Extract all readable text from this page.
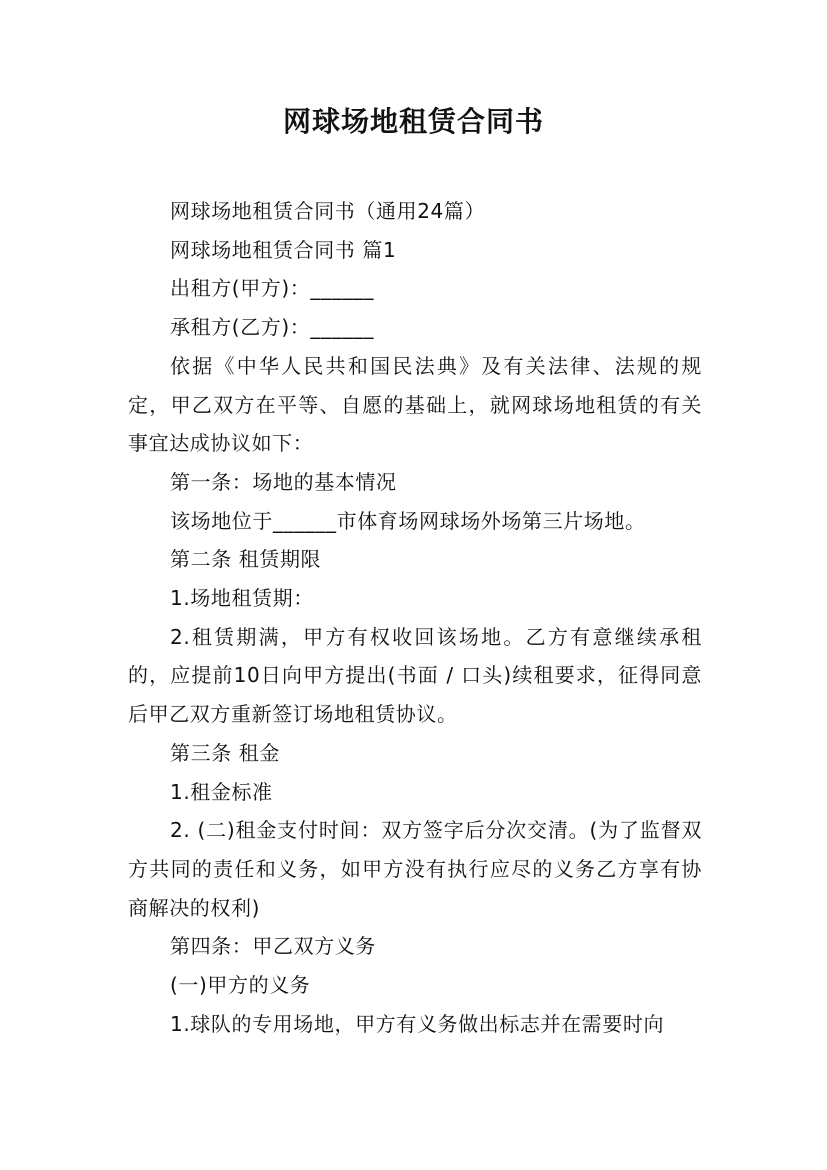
网球场地租赁合同书

网球场地租赁合同书（通用24篇）

网球场地租赁合同书 篇1

出租方(甲方)：______

承租方(乙方)：______

依据《中华人民共和国民法典》及有关法律、法规的规定，甲乙双方在平等、自愿的基础上，就网球场地租赁的有关事宜达成协议如下：

第一条：场地的基本情况

该场地位于______市体育场网球场外场第三片场地。

第二条 租赁期限

1.场地租赁期：

2.租赁期满，甲方有权收回该场地。乙方有意继续承租的，应提前10日向甲方提出(书面 / 口头)续租要求，征得同意后甲乙双方重新签订场地租赁协议。

第三条 租金

1.租金标准

2. (二)租金支付时间：双方签字后分次交清。(为了监督双方共同的责任和义务，如甲方没有执行应尽的义务乙方享有协商解决的权利)

第四条：甲乙双方义务

(一)甲方的义务

1.球队的专用场地，甲方有义务做出标志并在需要时向
